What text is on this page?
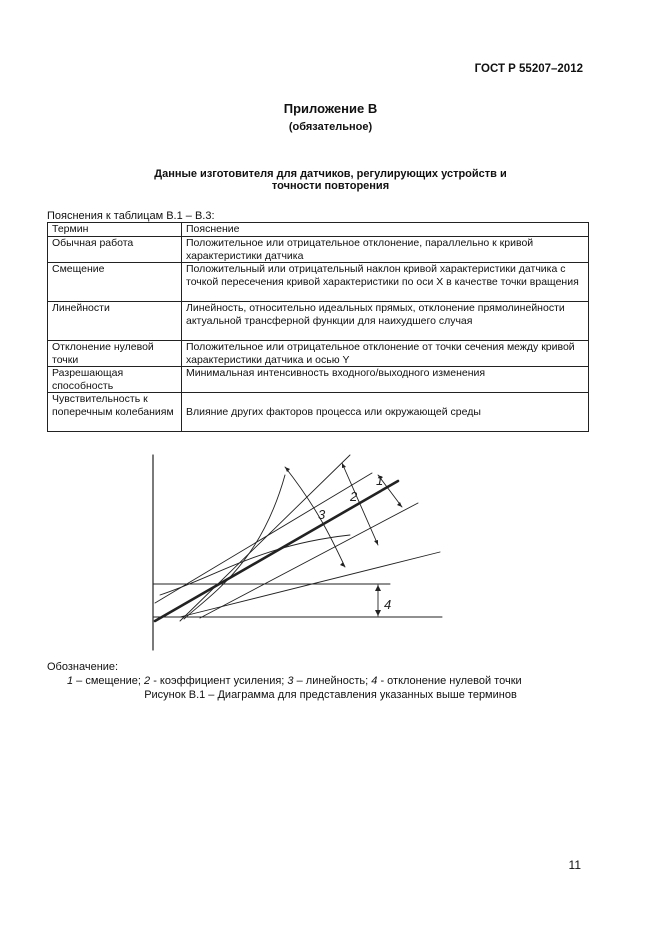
ГОСТ Р 55207–2012
Приложение В
(обязательное)
Данные изготовителя для датчиков, регулирующих устройств и
точности повторения
Пояснения к таблицам В.1 – В.3:
Термин	Пояснение
Обычная работа	Положительное или отрицательное отклонение, параллельно к кривой характеристики датчика
Смещение	Положительный или отрицательный наклон кривой характеристики датчика с точкой пересечения кривой характеристики по оси X в качестве точки вращения
Линейности	Линейность, относительно идеальных прямых, отклонение прямолинейности актуальной трансферной функции для наихудшего случая
Отклонение нулевой точки	Положительное или отрицательное отклонение от точки сечения между кривой характеристики датчика и осью Y
Разрешающая способность	Минимальная интенсивность входного/выходного изменения
Чувствительность к поперечным колебаниям	Влияние других факторов процесса или окружающей среды
1
2
3
4
Обозначение:
1 – смещение; 2 - коэффициент усиления; 3 – линейность; 4 - отклонение нулевой точки
Рисунок В.1 – Диаграмма для представления указанных выше терминов
11
